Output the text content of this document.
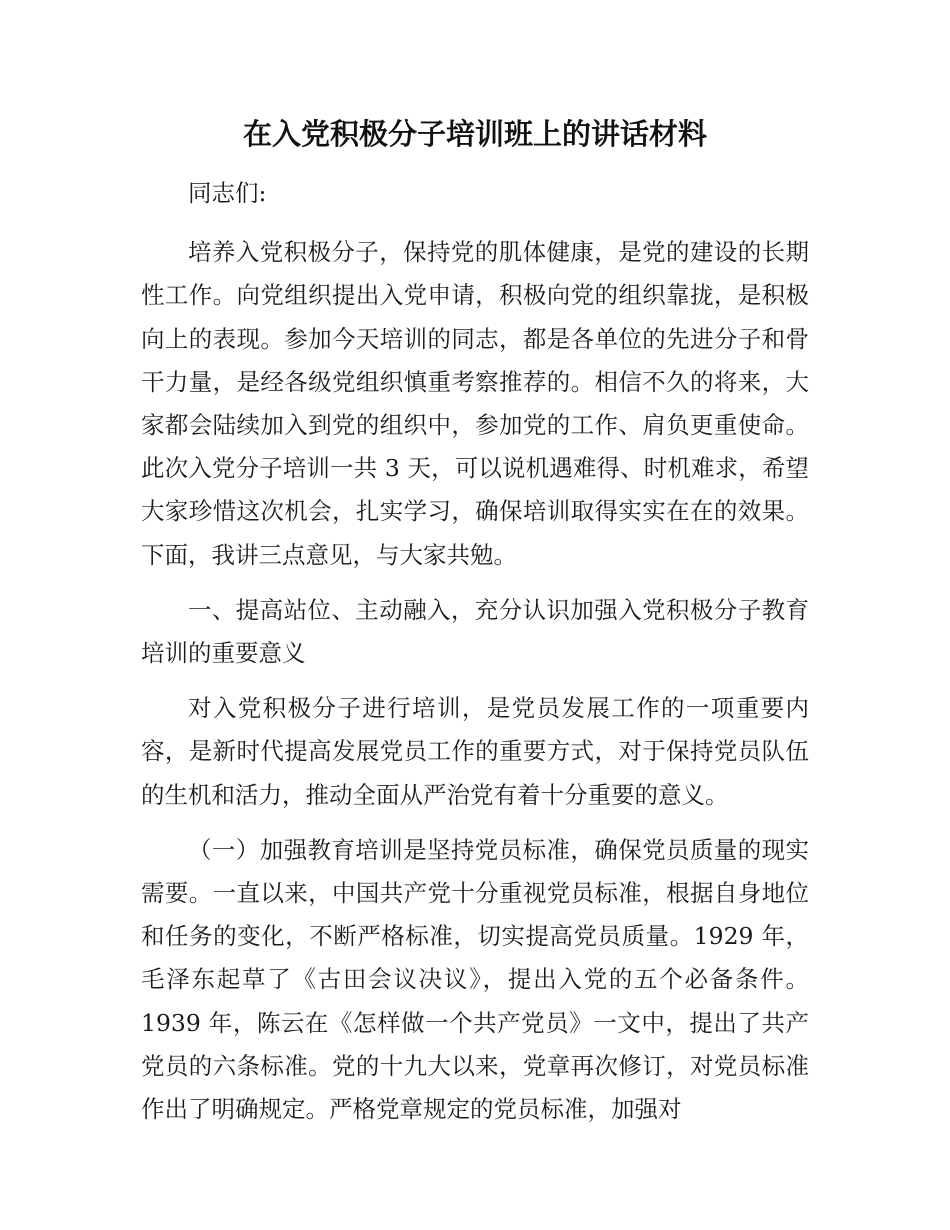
在入党积极分子培训班上的讲话材料

同志们:

培养入党积极分子，保持党的肌体健康，是党的建设的长期性工作。向党组织提出入党申请，积极向党的组织靠拢，是积极向上的表现。参加今天培训的同志，都是各单位的先进分子和骨干力量，是经各级党组织慎重考察推荐的。相信不久的将来，大家都会陆续加入到党的组织中，参加党的工作、肩负更重使命。此次入党分子培训一共 3 天，可以说机遇难得、时机难求，希望大家珍惜这次机会，扎实学习，确保培训取得实实在在的效果。下面，我讲三点意见，与大家共勉。

一、提高站位、主动融入，充分认识加强入党积极分子教育培训的重要意义

对入党积极分子进行培训，是党员发展工作的一项重要内容，是新时代提高发展党员工作的重要方式，对于保持党员队伍的生机和活力，推动全面从严治党有着十分重要的意义。

（一）加强教育培训是坚持党员标准，确保党员质量的现实需要。一直以来，中国共产党十分重视党员标准，根据自身地位和任务的变化，不断严格标准，切实提高党员质量。1929 年，毛泽东起草了《古田会议决议》，提出入党的五个必备条件。1939 年，陈云在《怎样做一个共产党员》一文中，提出了共产党员的六条标准。党的十九大以来，党章再次修订，对党员标准作出了明确规定。严格党章规定的党员标准，加强对
